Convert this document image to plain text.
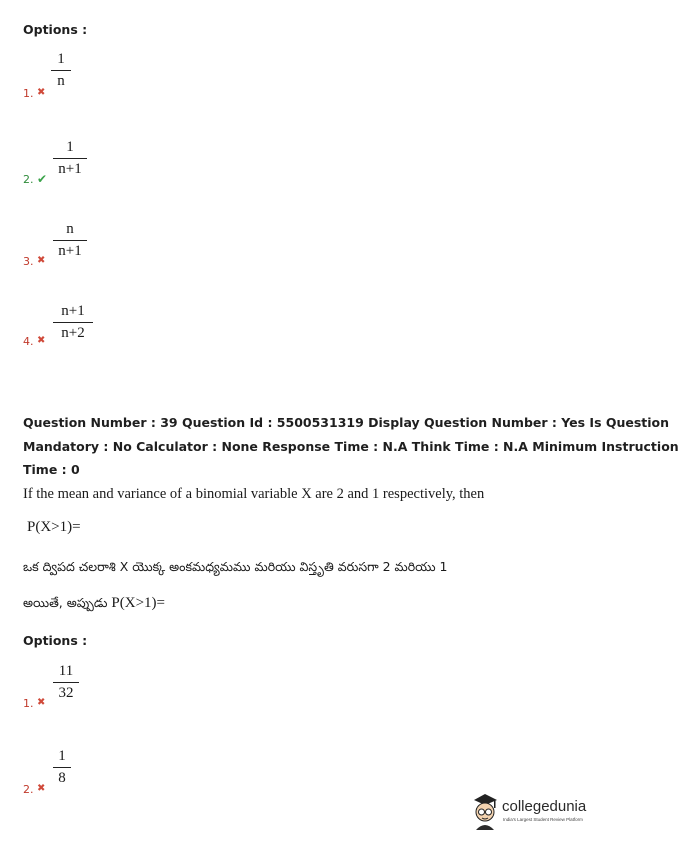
Options :
1. ✖
1
n
2. ✔
1
n+1
3. ✖
n
n+1
4. ✖
n+1
n+2
Question Number : 39 Question Id : 5500531319 Display Question Number : Yes Is Question
Mandatory : No Calculator : None Response Time : N.A Think Time : N.A Minimum Instruction
Time : 0
If the mean and variance of a binomial variable X are 2 and 1 respectively, then
P(X>1)=
ఒక ద్విపద చలరాశి X యొక్క అంకమధ్యమము మరియు విస్తృతి వరుసగా 2 మరియు 1
అయితే, అప్పుడు P(X>1)=
Options :
1. ✖
11
32
2. ✖
1
8
collegedunia
India's Largest Student Review Platform
